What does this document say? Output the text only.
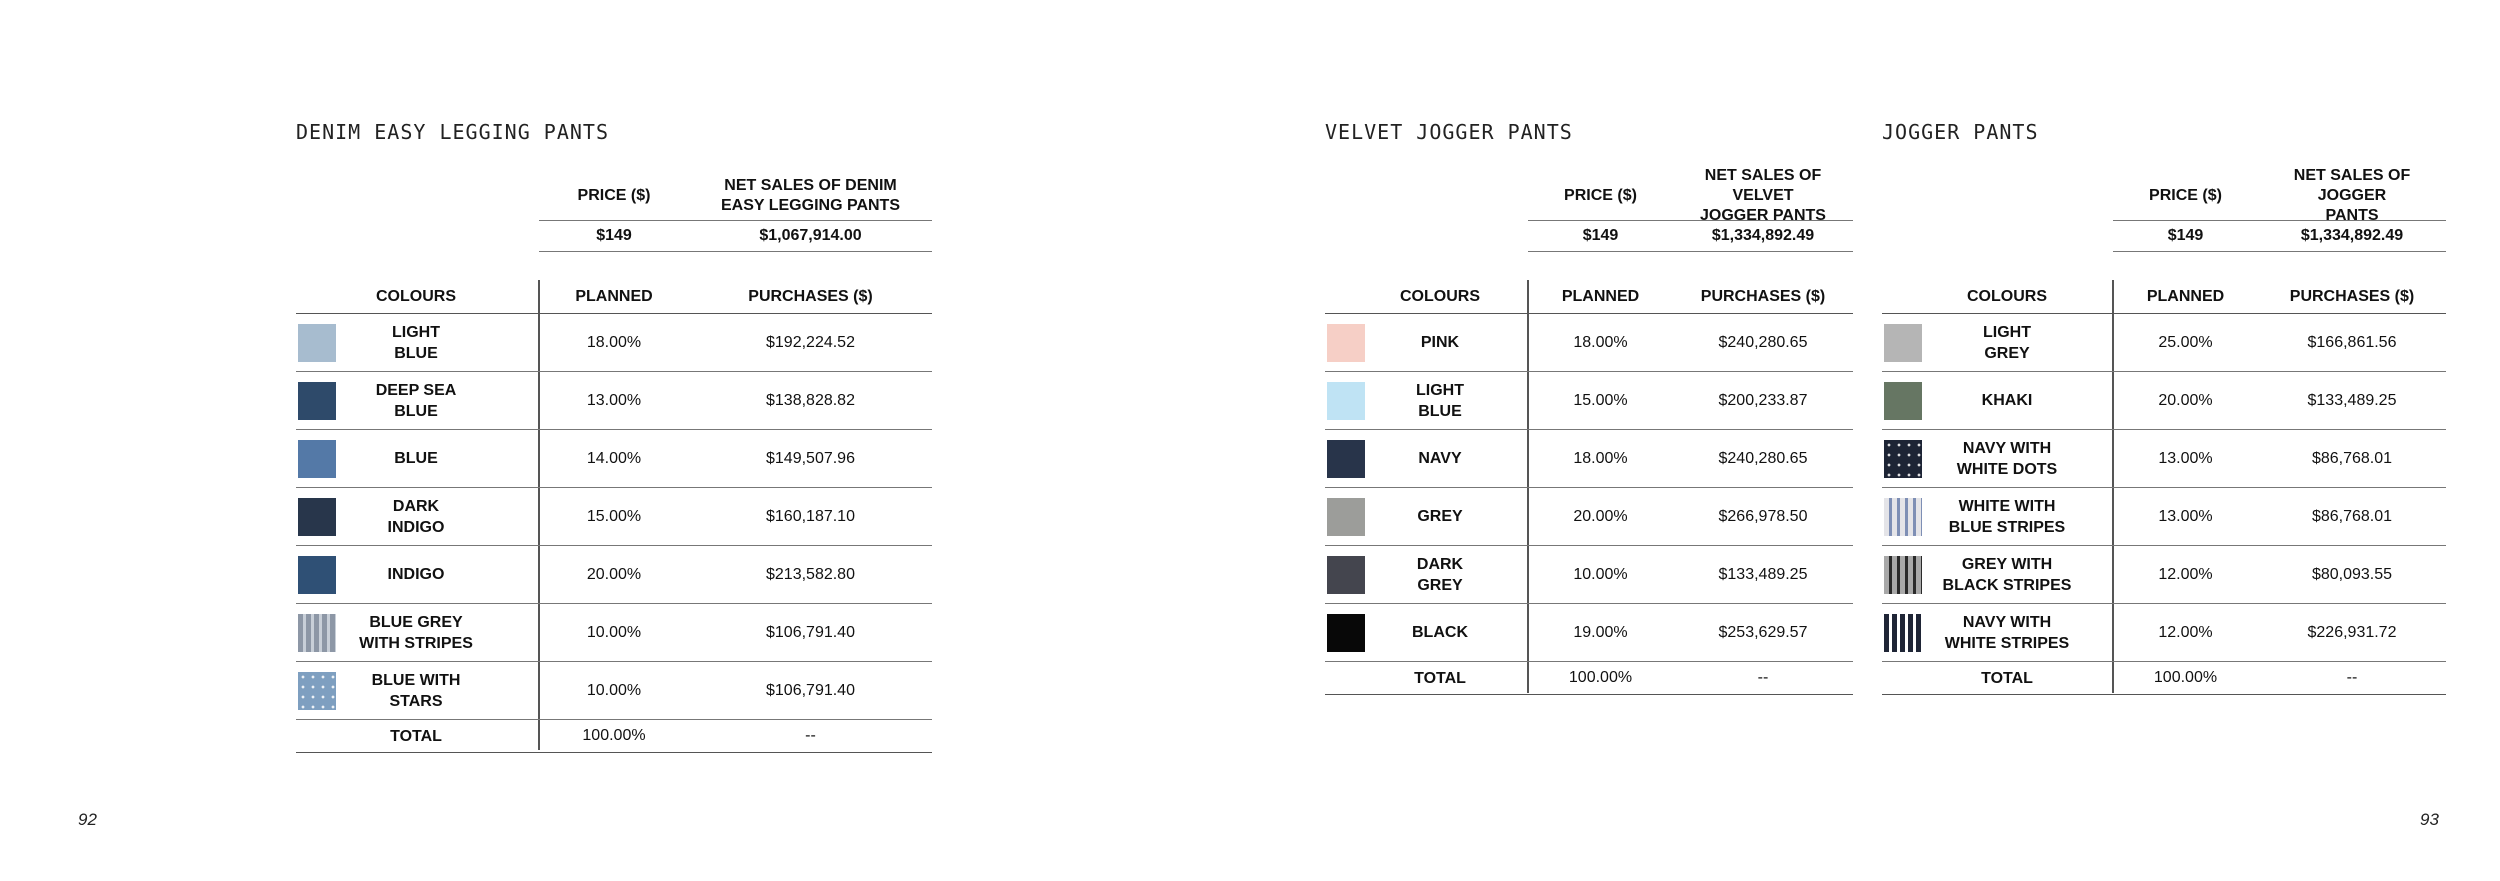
DENIM EASY LEGGING PANTS
PRICE ($)
NET SALES OF DENIM
EASY LEGGING PANTS
$149	$1,067,914.00
COLOURS	PLANNED	PURCHASES ($)
LIGHT
BLUE
18.00%	$192,224.52
DEEP SEA
BLUE
13.00%	$138,828.82
BLUE	14.00%	$149,507.96
DARK
INDIGO
15.00%	$160,187.10
INDIGO	20.00%	$213,582.80
BLUE GREY
WITH STRIPES
10.00%	$106,791.40
BLUE WITH
STARS
10.00%	$106,791.40
TOTAL	100.00%	--
VELVET JOGGER PANTS
PRICE ($)
NET SALES OF VELVET
JOGGER PANTS
$149	$1,334,892.49
COLOURS	PLANNED	PURCHASES ($)
PINK	18.00%	$240,280.65
LIGHT
BLUE
15.00%	$200,233.87
NAVY	18.00%	$240,280.65
GREY	20.00%	$266,978.50
DARK
GREY
10.00%	$133,489.25
BLACK	19.00%	$253,629.57
TOTAL	100.00%	--
JOGGER PANTS
PRICE ($)
NET SALES OF JOGGER
PANTS
$149	$1,334,892.49
COLOURS	PLANNED	PURCHASES ($)
LIGHT
GREY
25.00%	$166,861.56
KHAKI	20.00%	$133,489.25
NAVY WITH
WHITE DOTS
13.00%	$86,768.01
WHITE WITH
BLUE STRIPES
13.00%	$86,768.01
GREY WITH
BLACK STRIPES
12.00%	$80,093.55
NAVY WITH
WHITE STRIPES
12.00%	$226,931.72
TOTAL	100.00%	--
92	93
